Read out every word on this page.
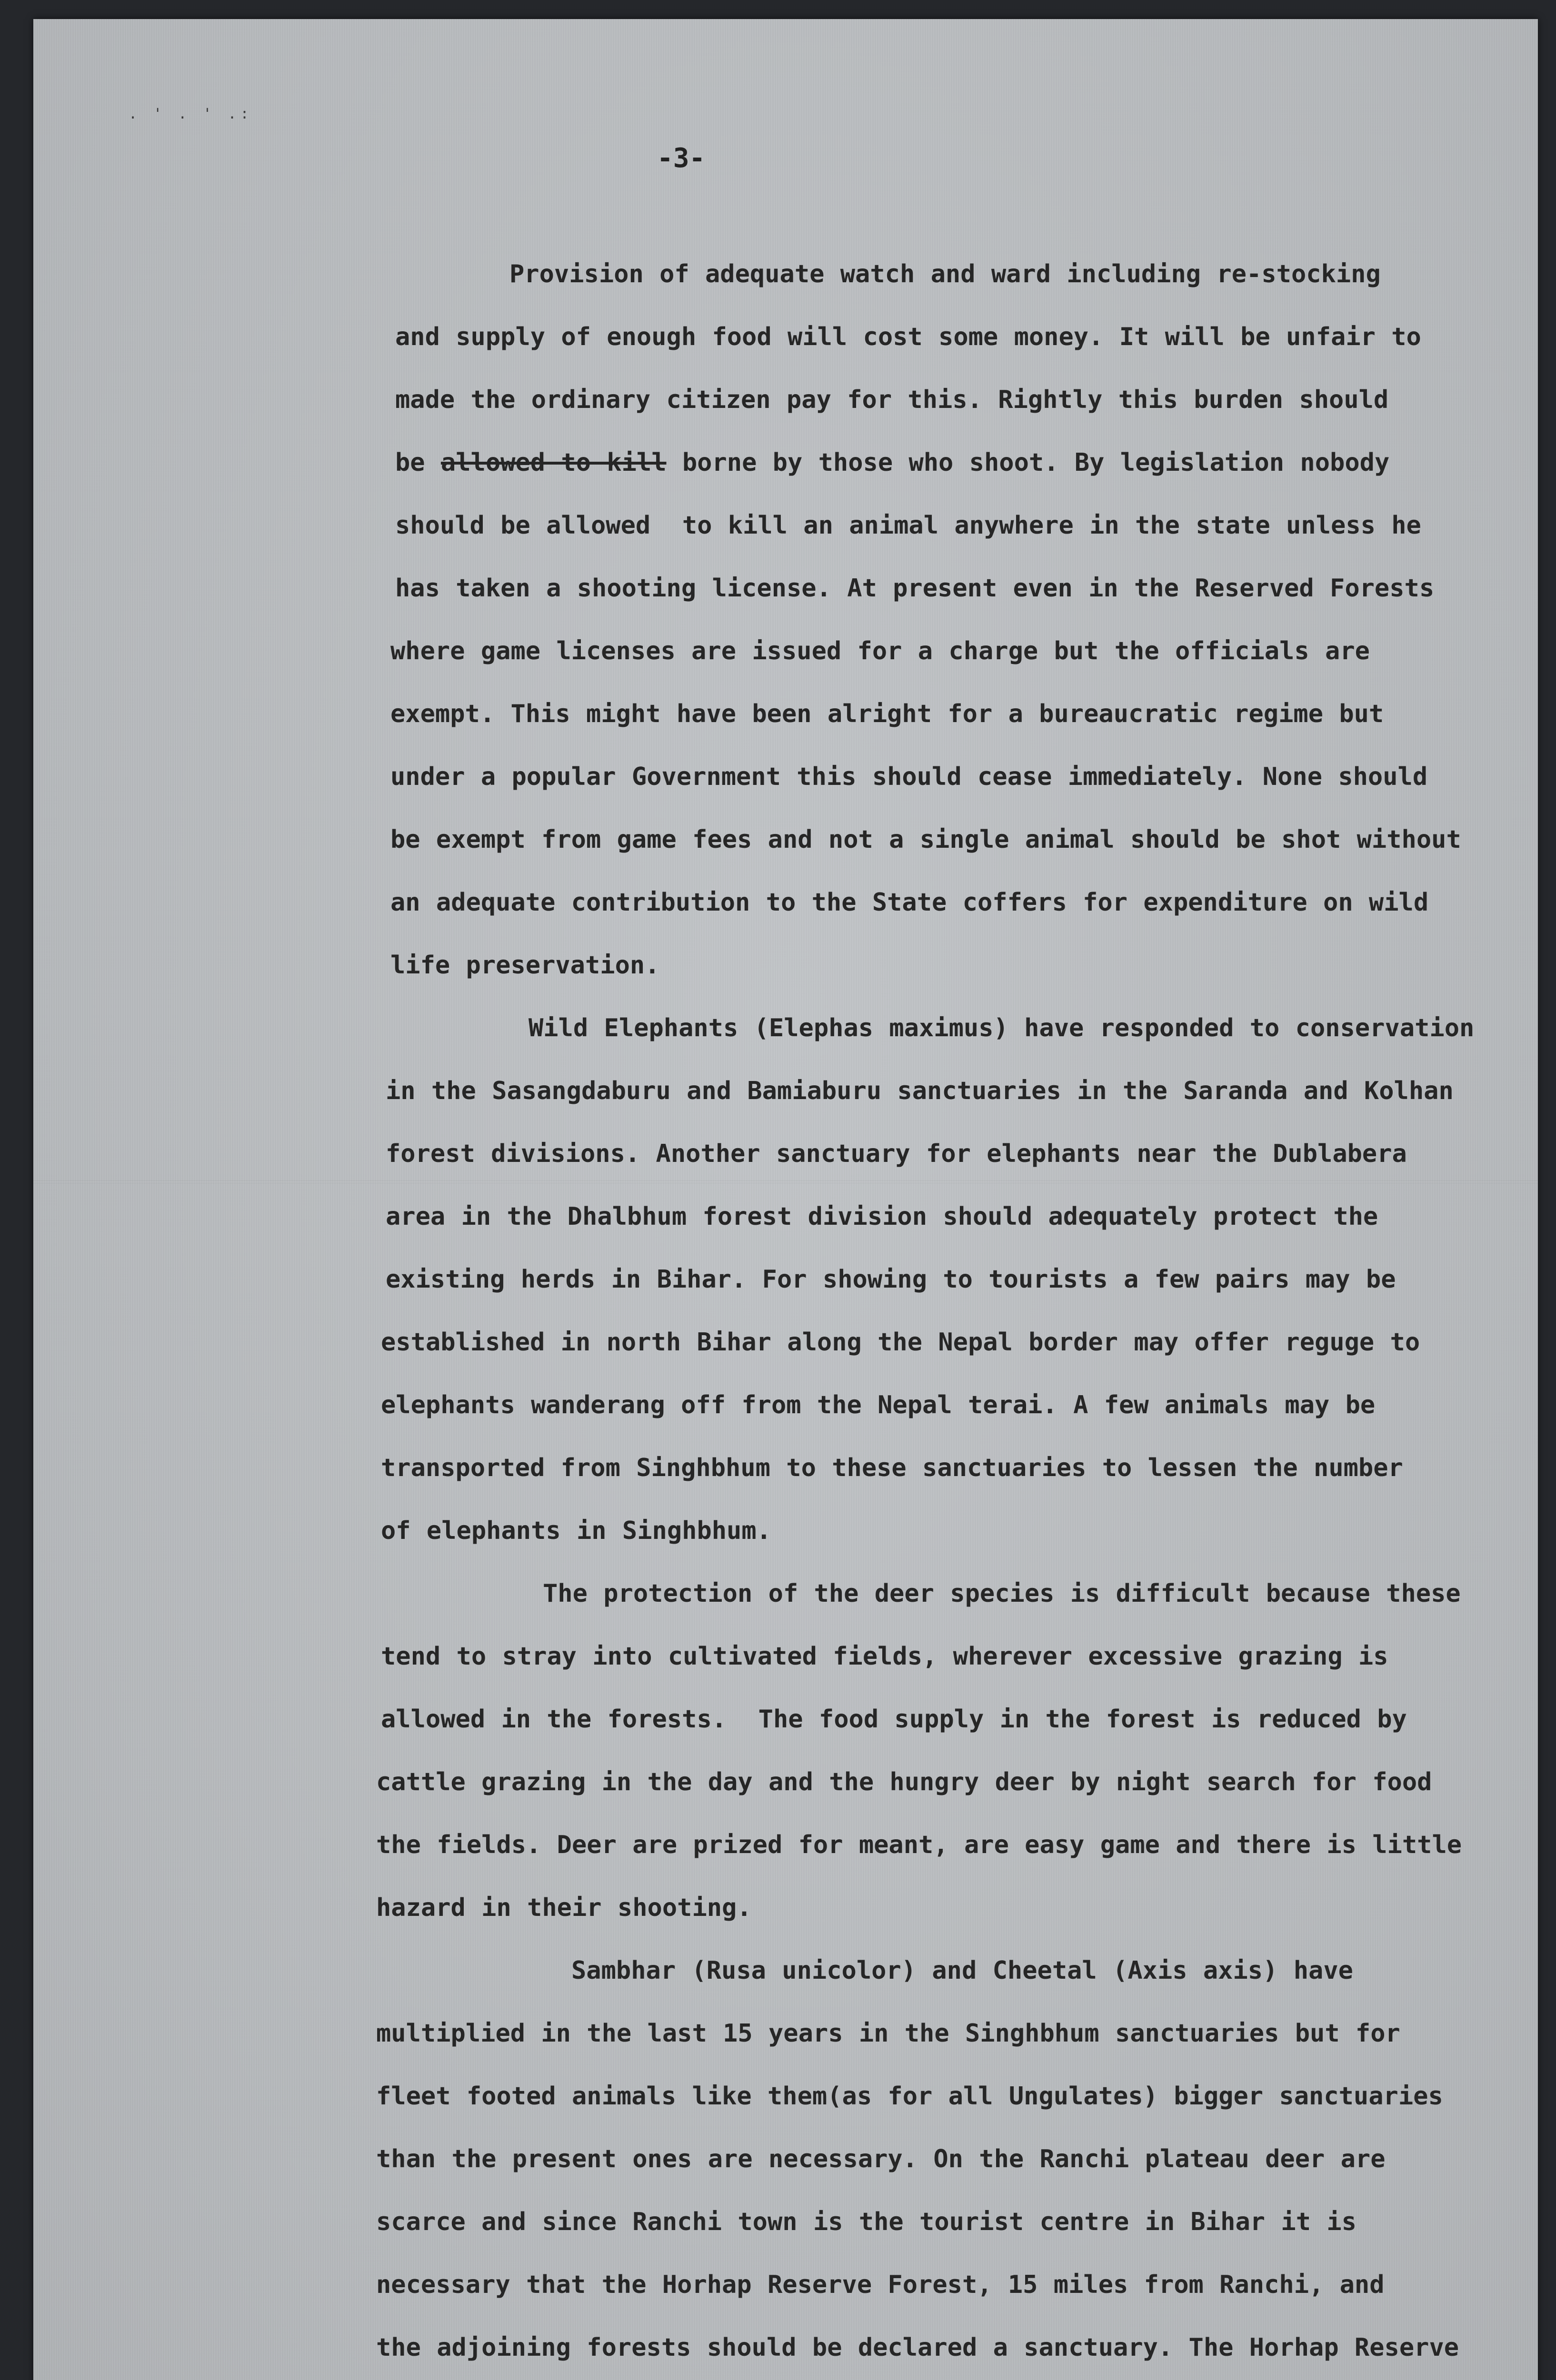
. ' . ' .:
-3-
Provision of adequate watch and ward including re-stocking
and supply of enough food will cost some money. It will be unfair to
made the ordinary citizen pay for this. Rightly this burden should
be allowed to kill borne by those who shoot. By legislation nobody
should be allowed  to kill an animal anywhere in the state unless he
has taken a shooting license. At present even in the Reserved Forests
where game licenses are issued for a charge but the officials are
exempt. This might have been alright for a bureaucratic regime but
under a popular Government this should cease immediately. None should
be exempt from game fees and not a single animal should be shot without
an adequate contribution to the State coffers for expenditure on wild
life preservation.
Wild Elephants (Elephas maximus) have responded to conservation
in the Sasangdaburu and Bamiaburu sanctuaries in the Saranda and Kolhan
forest divisions. Another sanctuary for elephants near the Dublabera
area in the Dhalbhum forest division should adequately protect the
existing herds in Bihar. For showing to tourists a few pairs may be
established in north Bihar along the Nepal border may offer reguge to
elephants wanderang off from the Nepal terai. A few animals may be
transported from Singhbhum to these sanctuaries to lessen the number
of elephants in Singhbhum.
The protection of the deer species is difficult because these
tend to stray into cultivated fields, wherever excessive grazing is
allowed in the forests.  The food supply in the forest is reduced by
cattle grazing in the day and the hungry deer by night search for food
the fields. Deer are prized for meant, are easy game and there is little
hazard in their shooting.
Sambhar (Rusa unicolor) and Cheetal (Axis axis) have
multiplied in the last 15 years in the Singhbhum sanctuaries but for
fleet footed animals like them(as for all Ungulates) bigger sanctuaries
than the present ones are necessary. On the Ranchi plateau deer are
scarce and since Ranchi town is the tourist centre in Bihar it is
necessary that the Horhap Reserve Forest, 15 miles from Ranchi, and
the adjoining forests should be declared a sanctuary. The Horhap Reserve
